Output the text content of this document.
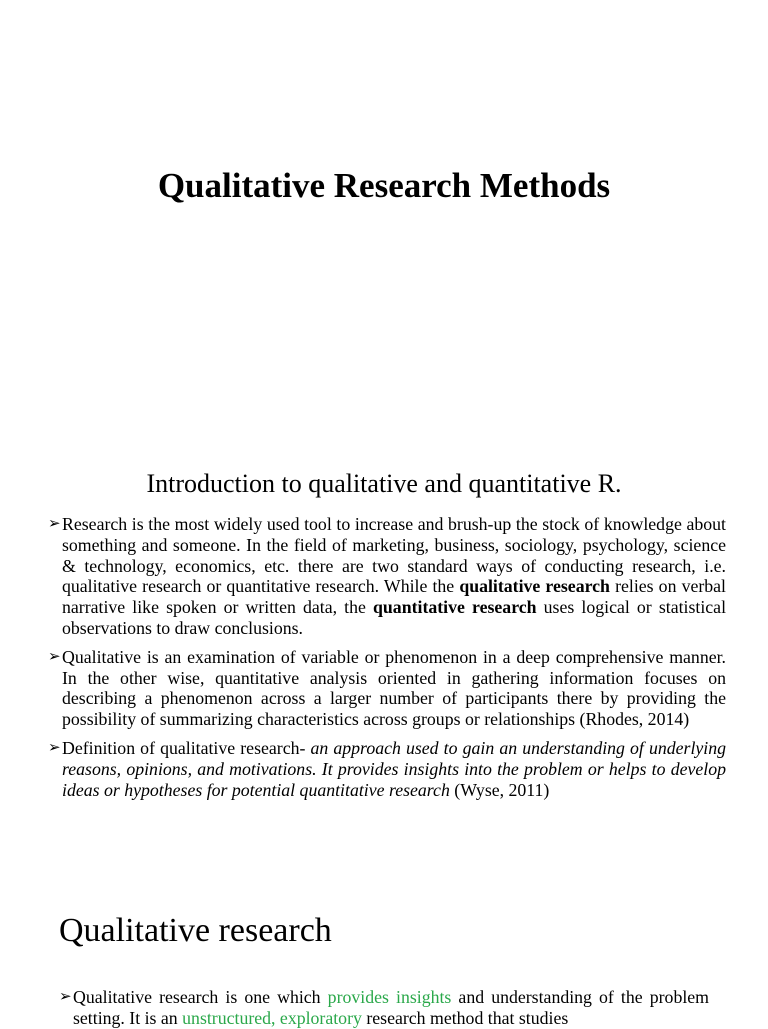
Qualitative Research Methods
Introduction to qualitative and quantitative R.
➢ Research is the most widely used tool to increase and brush-up the stock of knowledge about something and someone. In the field of marketing, business, sociology, psychology, science & technology, economics, etc. there are two standard ways of conducting research, i.e. qualitative research or quantitative research. While the qualitative research relies on verbal narrative like spoken or written data, the quantitative research uses logical or statistical observations to draw conclusions.
➢ Qualitative is an examination of variable or phenomenon in a deep comprehensive manner. In the other wise, quantitative analysis oriented in gathering information focuses on describing a phenomenon across a larger number of participants there by providing the possibility of summarizing characteristics across groups or relationships (Rhodes, 2014)
➢ Definition of qualitative research- an approach used to gain an understanding of underlying reasons, opinions, and motivations. It provides insights into the problem or helps to develop ideas or hypotheses for potential quantitative research (Wyse, 2011)
Qualitative research
➢ Qualitative research is one which provides insights and understanding of the problem setting. It is an unstructured, exploratory research method that studies
